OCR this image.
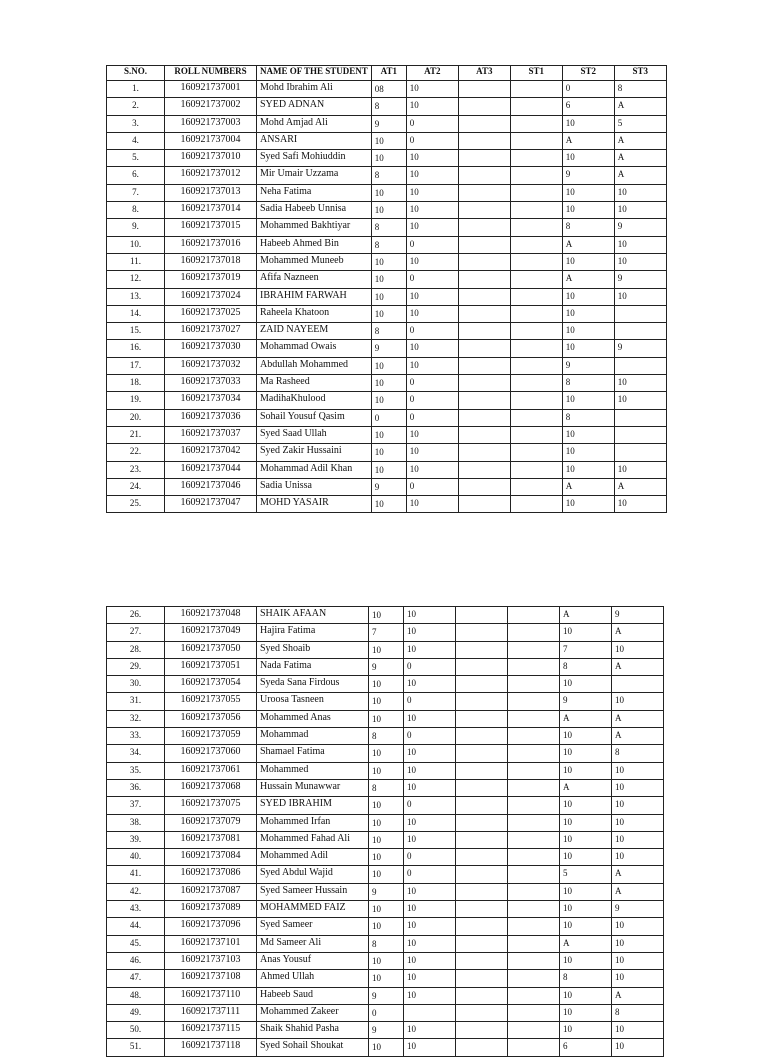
S.NO.	ROLL NUMBERS	NAME OF THE STUDENT	AT1	AT2	AT3	ST1	ST2	ST3
1.	160921737001	Mohd Ibrahim Ali	08	10			0	8
2.	160921737002	SYED ADNAN	8	10			6	A
3.	160921737003	Mohd Amjad Ali	9	0			10	5
4.	160921737004	ANSARI	10	0			A	A
5.	160921737010	Syed Safi Mohiuddin	10	10			10	A
6.	160921737012	Mir Umair Uzzama	8	10			9	A
7.	160921737013	Neha Fatima	10	10			10	10
8.	160921737014	Sadia Habeeb Unnisa	10	10			10	10
9.	160921737015	Mohammed Bakhtiyar	8	10			8	9
10.	160921737016	Habeeb Ahmed Bin	8	0			A	10
11.	160921737018	Mohammed Muneeb	10	10			10	10
12.	160921737019	Afifa Nazneen	10	0			A	9
13.	160921737024	IBRAHIM FARWAH	10	10			10	10
14.	160921737025	Raheela Khatoon	10	10			10	
15.	160921737027	ZAID NAYEEM	8	0			10	
16.	160921737030	Mohammad Owais	9	10			10	9
17.	160921737032	Abdullah Mohammed	10	10			9	
18.	160921737033	Ma Rasheed	10	0			8	10
19.	160921737034	MadihaKhulood	10	0			10	10
20.	160921737036	Sohail Yousuf Qasim	0	0			8	
21.	160921737037	Syed Saad Ullah	10	10			10	
22.	160921737042	Syed Zakir Hussaini	10	10			10	
23.	160921737044	Mohammad Adil Khan	10	10			10	10
24.	160921737046	Sadia Unissa	9	0			A	A
25.	160921737047	MOHD YASAIR	10	10			10	10
26.	160921737048	SHAIK AFAAN	10	10			A	9
27.	160921737049	Hajira Fatima	7	10			10	A
28.	160921737050	Syed Shoaib	10	10			7	10
29.	160921737051	Nada Fatima	9	0			8	A
30.	160921737054	Syeda Sana Firdous	10	10			10	
31.	160921737055	Uroosa Tasneen	10	0			9	10
32.	160921737056	Mohammed Anas	10	10			A	A
33.	160921737059	Mohammad	8	0			10	A
34.	160921737060	Shamael Fatima	10	10			10	8
35.	160921737061	Mohammed	10	10			10	10
36.	160921737068	Hussain Munawwar	8	10			A	10
37.	160921737075	SYED IBRAHIM	10	0			10	10
38.	160921737079	Mohammed Irfan	10	10			10	10
39.	160921737081	Mohammed Fahad Ali	10	10			10	10
40.	160921737084	Mohammed Adil	10	0			10	10
41.	160921737086	Syed Abdul Wajid	10	0			5	A
42.	160921737087	Syed Sameer Hussain	9	10			10	A
43.	160921737089	MOHAMMED FAIZ	10	10			10	9
44.	160921737096	Syed Sameer	10	10			10	10
45.	160921737101	Md Sameer Ali	8	10			A	10
46.	160921737103	Anas Yousuf	10	10			10	10
47.	160921737108	Ahmed Ullah	10	10			8	10
48.	160921737110	Habeeb Saud	9	10			10	A
49.	160921737111	Mohammed Zakeer	0				10	8
50.	160921737115	Shaik Shahid Pasha	9	10			10	10
51.	160921737118	Syed Sohail Shoukat	10	10			6	10
